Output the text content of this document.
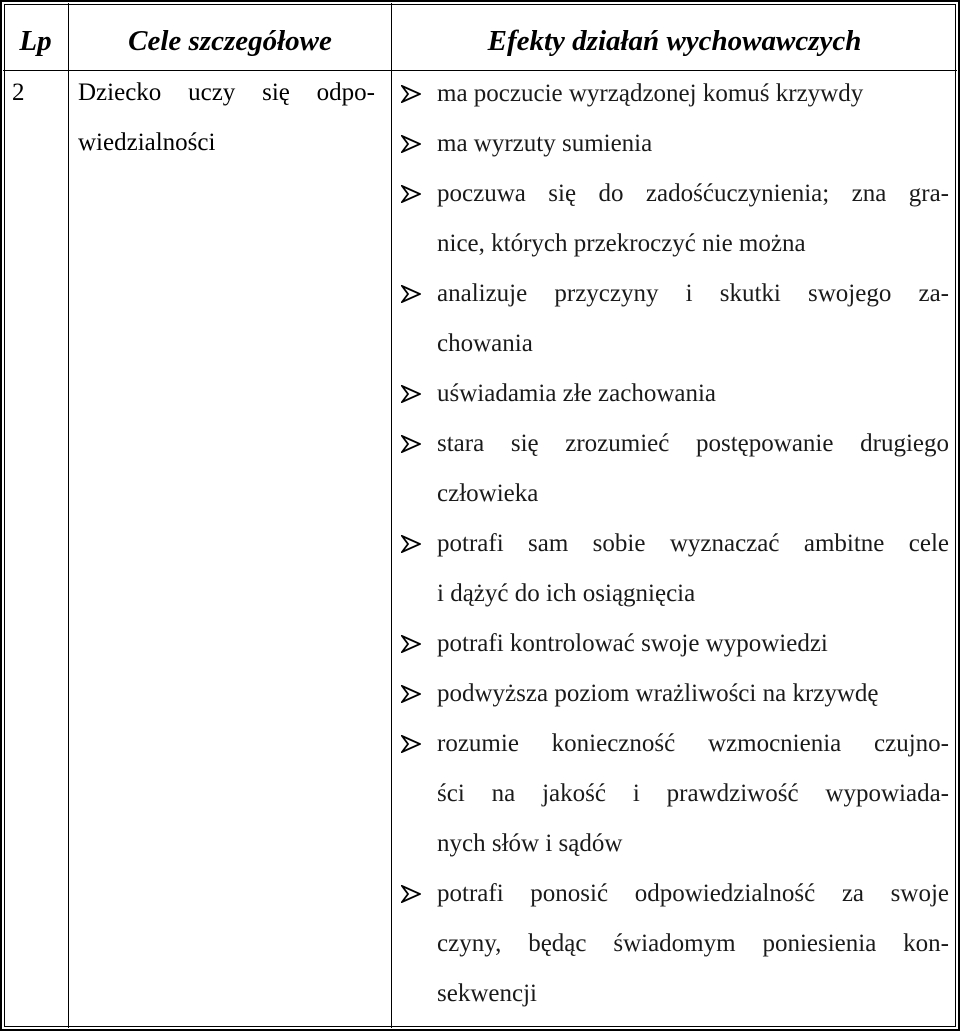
Lp	Cele szczegółowe	Efekty działań wychowawczych
2 Dziecko uczy się odpo-
wiedzialności
ma poczucie wyrządzonej komuś krzywdy
ma wyrzuty sumienia
poczuwa się do zadośćuczynienia; zna gra-
nice, których przekroczyć nie można
analizuje przyczyny i skutki swojego za-
chowania
uświadamia złe zachowania
stara się zrozumieć postępowanie drugiego
człowieka
potrafi sam sobie wyznaczać ambitne cele
i dążyć do ich osiągnięcia
potrafi kontrolować swoje wypowiedzi
podwyższa poziom wrażliwości na krzywdę
rozumie konieczność wzmocnienia czujno-
ści na jakość i prawdziwość wypowiada-
nych słów i sądów
potrafi ponosić odpowiedzialność za swoje
czyny, będąc świadomym poniesienia kon-
sekwencji
